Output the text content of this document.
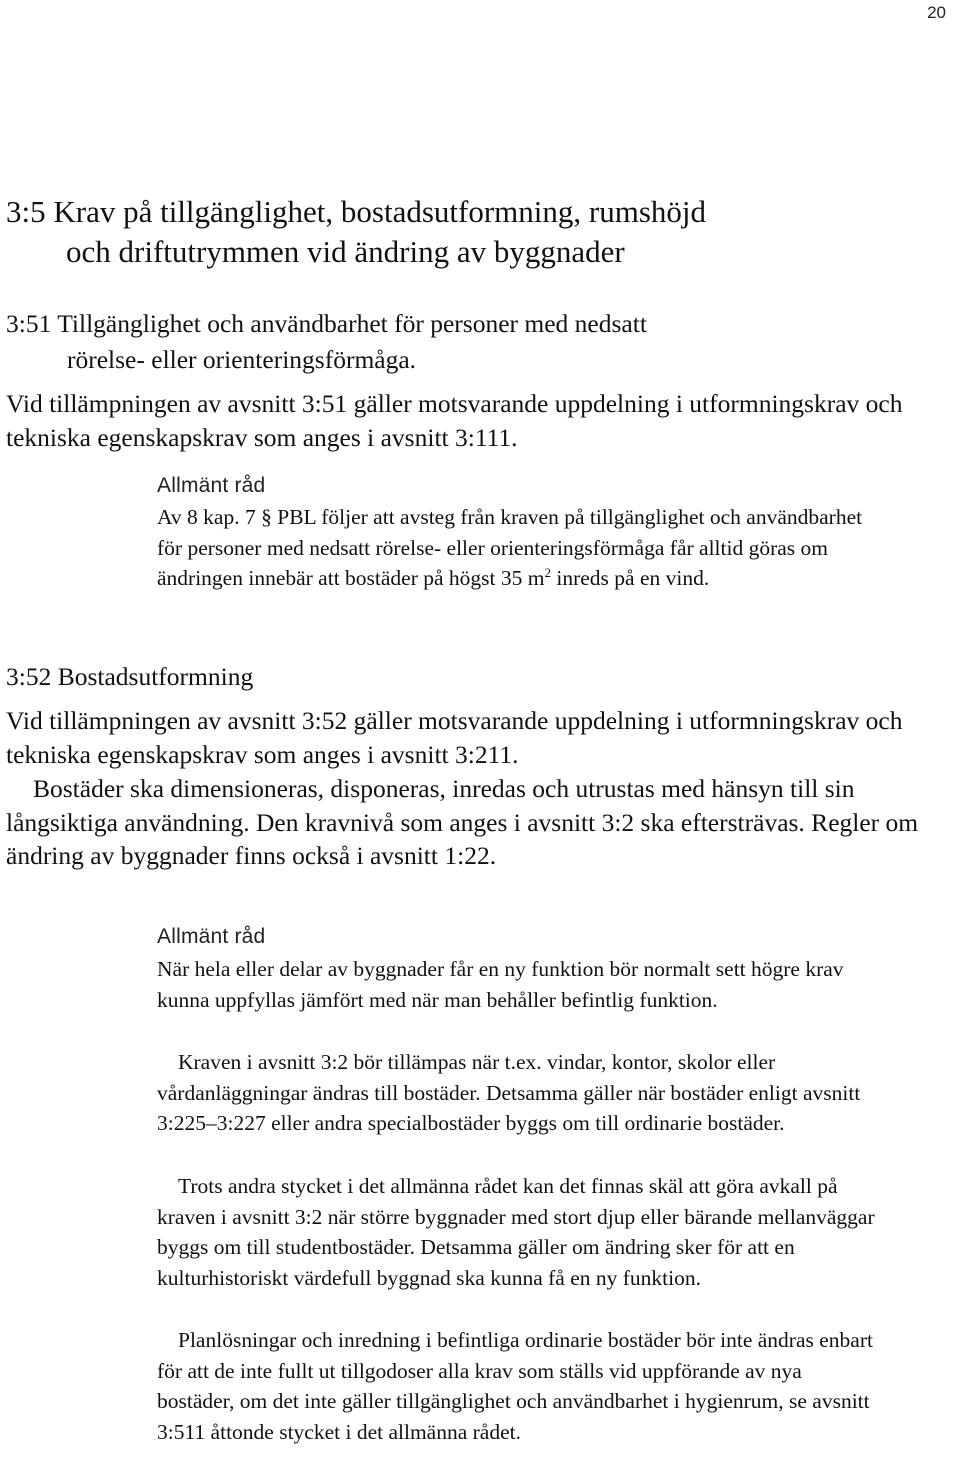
20
3:5 Krav på tillgänglighet, bostadsutformning, rumshöjd
och driftutrymmen vid ändring av byggnader
3:51 Tillgänglighet och användbarhet för personer med nedsatt
rörelse- eller orienteringsförmåga.
Vid tillämpningen av avsnitt 3:51 gäller motsvarande uppdelning i utformningskrav och tekniska egenskapskrav som anges i avsnitt 3:111.
Allmänt råd
Av 8 kap. 7 § PBL följer att avsteg från kraven på tillgänglighet och användbarhet för personer med nedsatt rörelse- eller orienteringsförmåga får alltid göras om ändringen innebär att bostäder på högst 35 $m^2$ inreds på en vind.
3:52 Bostadsutformning
Vid tillämpningen av avsnitt 3:52 gäller motsvarande uppdelning i utformningskrav och tekniska egenskapskrav som anges i avsnitt 3:211.
Bostäder ska dimensioneras, disponeras, inredas och utrustas med hänsyn till sin långsiktiga användning. Den kravnivå som anges i avsnitt 3:2 ska eftersträvas. Regler om ändring av byggnader finns också i avsnitt 1:22.
Allmänt råd
När hela eller delar av byggnader får en ny funktion bör normalt sett högre krav kunna uppfyllas jämfört med när man behåller befintlig funktion.
Kraven i avsnitt 3:2 bör tillämpas när t.ex. vindar, kontor, skolor eller vårdanläggningar ändras till bostäder. Detsamma gäller när bostäder enligt avsnitt 3:225–3:227 eller andra specialbostäder byggs om till ordinarie bostäder.
Trots andra stycket i det allmänna rådet kan det finnas skäl att göra avkall på kraven i avsnitt 3:2 när större byggnader med stort djup eller bärande mellanväggar byggs om till studentbostäder. Detsamma gäller om ändring sker för att en kulturhistoriskt värdefull byggnad ska kunna få en ny funktion.
Planlösningar och inredning i befintliga ordinarie bostäder bör inte ändras enbart för att de inte fullt ut tillgodoser alla krav som ställs vid uppförande av nya bostäder, om det inte gäller tillgänglighet och användbarhet i hygienrum, se avsnitt 3:511 åttonde stycket i det allmänna rådet.
